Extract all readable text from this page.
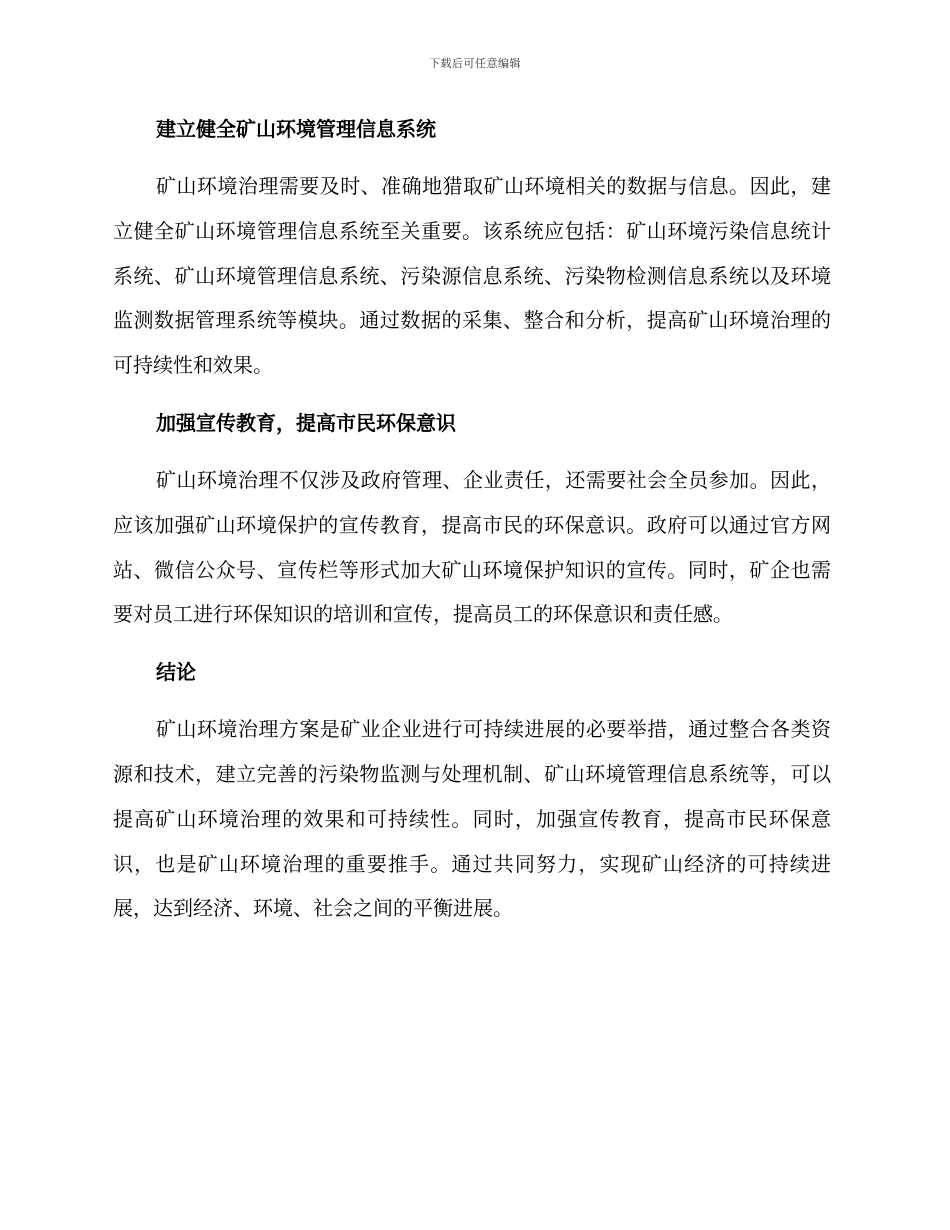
下载后可任意编辑
建立健全矿山环境管理信息系统

矿山环境治理需要及时、准确地猎取矿山环境相关的数据与信息。因此，建立健全矿山环境管理信息系统至关重要。该系统应包括：矿山环境污染信息统计系统、矿山环境管理信息系统、污染源信息系统、污染物检测信息系统以及环境监测数据管理系统等模块。通过数据的采集、整合和分析，提高矿山环境治理的可持续性和效果。

加强宣传教育，提高市民环保意识

矿山环境治理不仅涉及政府管理、企业责任，还需要社会全员参加。因此，应该加强矿山环境保护的宣传教育，提高市民的环保意识。政府可以通过官方网站、微信公众号、宣传栏等形式加大矿山环境保护知识的宣传。同时，矿企也需要对员工进行环保知识的培训和宣传，提高员工的环保意识和责任感。

结论

矿山环境治理方案是矿业企业进行可持续进展的必要举措，通过整合各类资源和技术，建立完善的污染物监测与处理机制、矿山环境管理信息系统等，可以提高矿山环境治理的效果和可持续性。同时，加强宣传教育，提高市民环保意识，也是矿山环境治理的重要推手。通过共同努力，实现矿山经济的可持续进展，达到经济、环境、社会之间的平衡进展。
